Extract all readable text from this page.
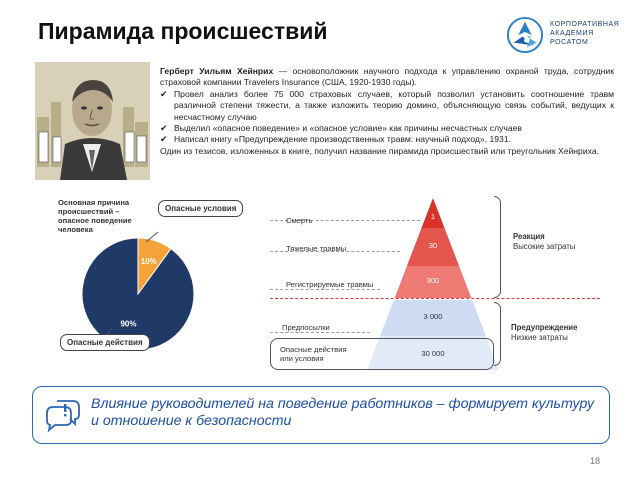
Пирамида происшествий	КОРПОРАТИВНАЯ
АКАДЕМИЯ
РОСАТОМ

Герберт Уильям Хейнрих — основоположник научного подхода к управлению охраной труда, сотрудник страховой компании Travelers Insurance (США, 1920-1930 годы).

✔ Провел анализ более 75 000 страховых случаев, который позволил установить соотношение травм различной степени тяжести, а также изложить теорию домино, объясняющую связь событий, ведущих к несчастному случаю
✔ Выделил «опасное поведение» и «опасное условие» как причины несчастных случаев
✔ Написал книгу «Предупреждение производственных травм: научный подход», 1931.

Один из тезисов, изложенных в книге, получил название пирамида происшествий или треугольник Хейнриха.

Основная причина происшествий – опасное поведение человека
10%
90%
Опасные условия
Опасные действия
Смерть
Тяжелые травмы
Регистрируемые травмы
Предпосылки
Опасные действия или условия
1
30
300
3 000
30 000
Реакция
Высокие затраты
Предупреждение
Низкие затраты
Влияние руководителей на поведение работников – формирует культуру и отношение к безопасности
18
